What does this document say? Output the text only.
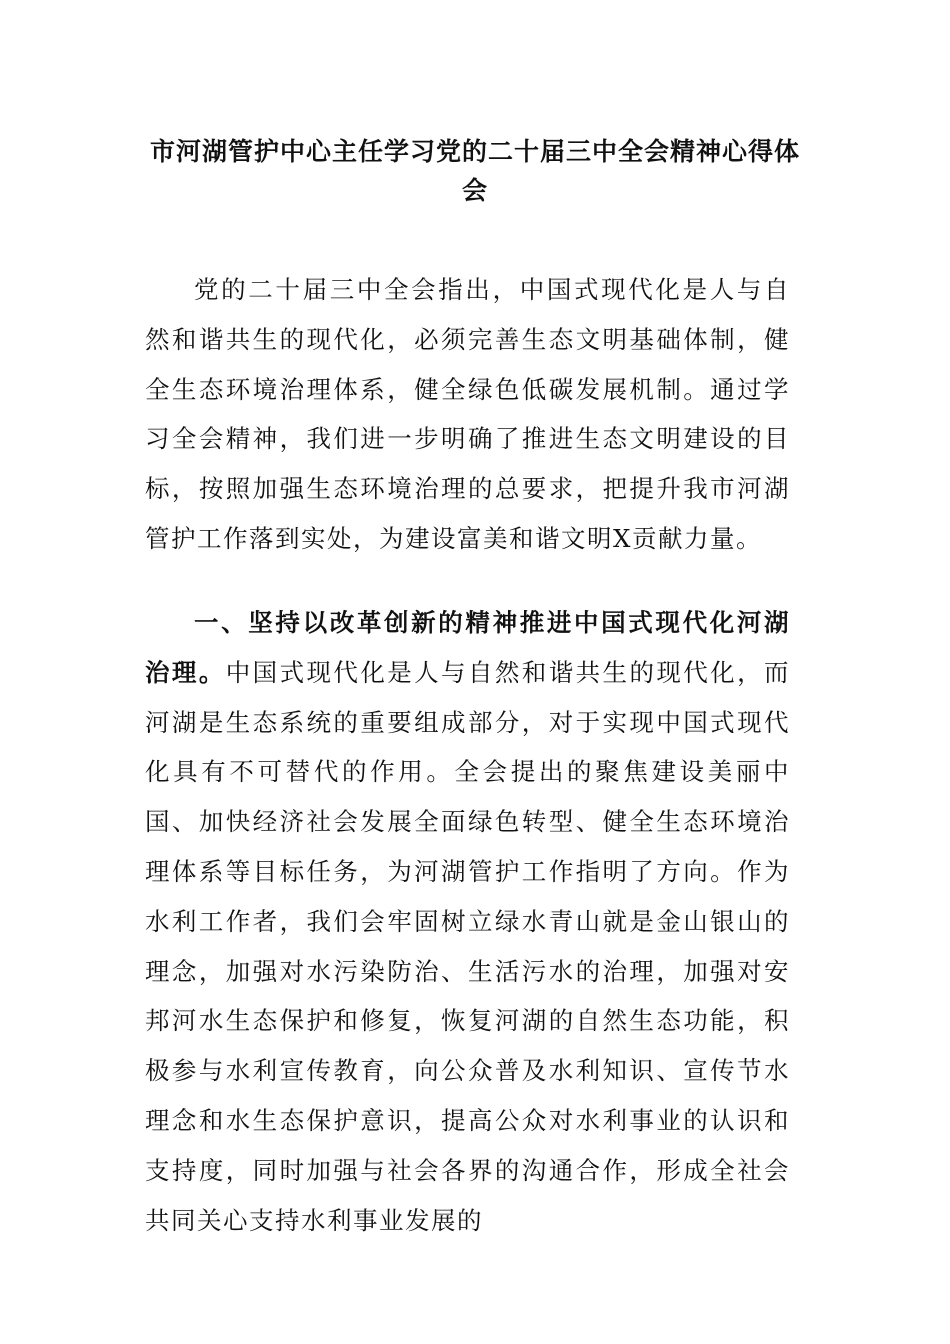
市河湖管护中心主任学习党的二十届三中全会精神心得体会

党的二十届三中全会指出，中国式现代化是人与自然和谐共生的现代化，必须完善生态文明基础体制，健全生态环境治理体系，健全绿色低碳发展机制。通过学习全会精神，我们进一步明确了推进生态文明建设的目标，按照加强生态环境治理的总要求，把提升我市河湖管护工作落到实处，为建设富美和谐文明X贡献力量。

一、坚持以改革创新的精神推进中国式现代化河湖治理。中国式现代化是人与自然和谐共生的现代化，而河湖是生态系统的重要组成部分，对于实现中国式现代化具有不可替代的作用。全会提出的聚焦建设美丽中国、加快经济社会发展全面绿色转型、健全生态环境治理体系等目标任务，为河湖管护工作指明了方向。作为水利工作者，我们会牢固树立绿水青山就是金山银山的理念，加强对水污染防治、生活污水的治理，加强对安邦河水生态保护和修复，恢复河湖的自然生态功能，积极参与水利宣传教育，向公众普及水利知识、宣传节水理念和水生态保护意识，提高公众对水利事业的认识和支持度，同时加强与社会各界的沟通合作，形成全社会共同关心支持水利事业发展的
